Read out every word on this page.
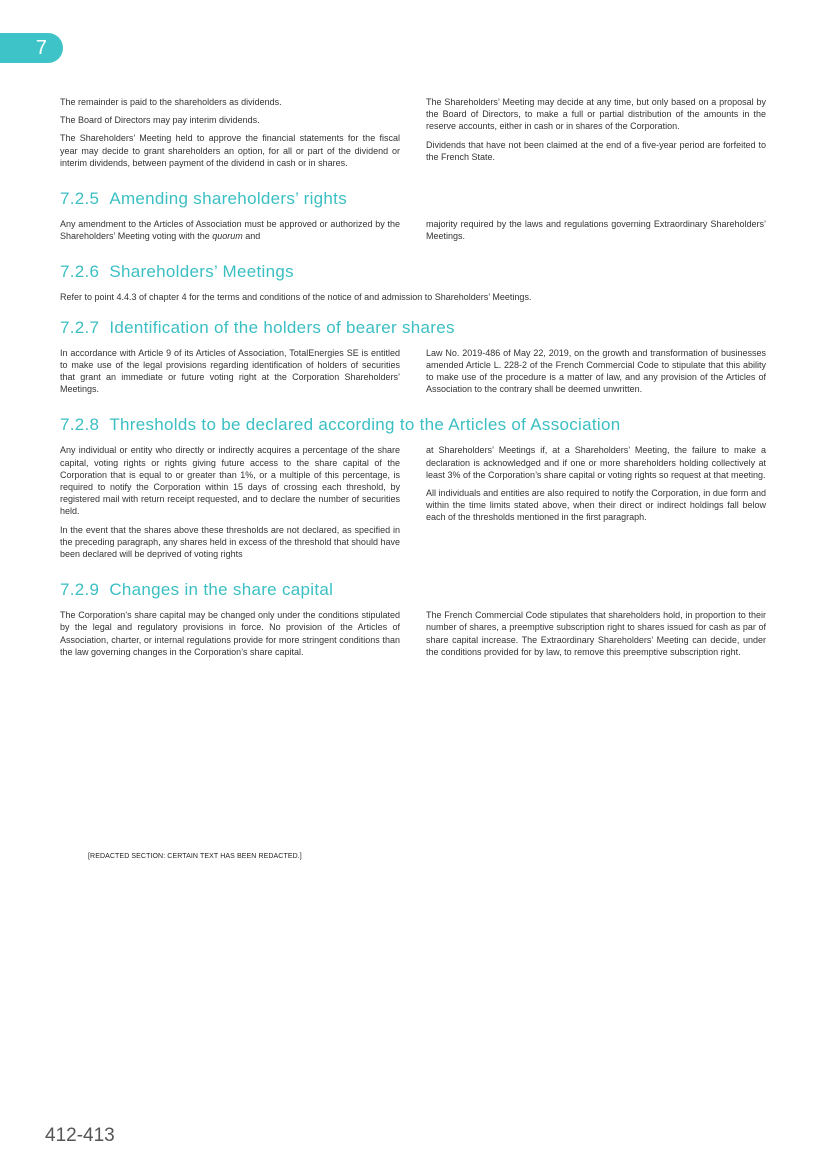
7

The remainder is paid to the shareholders as dividends.

The Board of Directors may pay interim dividends.

The Shareholders’ Meeting held to approve the financial statements for the fiscal year may decide to grant shareholders an option, for all or part of the dividend or interim dividends, between payment of the dividend in cash or in shares.

The Shareholders’ Meeting may decide at any time, but only based on a proposal by the Board of Directors, to make a full or partial distribution of the amounts in the reserve accounts, either in cash or in shares of the Corporation.

Dividends that have not been claimed at the end of a five-year period are forfeited to the French State.

7.2.5 Amending shareholders’ rights

Any amendment to the Articles of Association must be approved or authorized by the Shareholders’ Meeting voting with the quorum and

majority required by the laws and regulations governing Extraordinary Shareholders’ Meetings.

7.2.6 Shareholders’ Meetings

Refer to point 4.4.3 of chapter 4 for the terms and conditions of the notice of and admission to Shareholders’ Meetings.

7.2.7 Identification of the holders of bearer shares

In accordance with Article 9 of its Articles of Association, TotalEnergies SE is entitled to make use of the legal provisions regarding identification of holders of securities that grant an immediate or future voting right at the Corporation Shareholders’ Meetings.

Law No. 2019-486 of May 22, 2019, on the growth and transformation of businesses amended Article L. 228-2 of the French Commercial Code to stipulate that this ability to make use of the procedure is a matter of law, and any provision of the Articles of Association to the contrary shall be deemed unwritten.

7.2.8 Thresholds to be declared according to the Articles of Association

Any individual or entity who directly or indirectly acquires a percentage of the share capital, voting rights or rights giving future access to the share capital of the Corporation that is equal to or greater than 1%, or a multiple of this percentage, is required to notify the Corporation within 15 days of crossing each threshold, by registered mail with return receipt requested, and to declare the number of securities held.

In the event that the shares above these thresholds are not declared, as specified in the preceding paragraph, any shares held in excess of the threshold that should have been declared will be deprived of voting rights

at Shareholders’ Meetings if, at a Shareholders’ Meeting, the failure to make a declaration is acknowledged and if one or more shareholders holding collectively at least 3% of the Corporation’s share capital or voting rights so request at that meeting.

All individuals and entities are also required to notify the Corporation, in due form and within the time limits stated above, when their direct or indirect holdings fall below each of the thresholds mentioned in the first paragraph.

7.2.9 Changes in the share capital

The Corporation’s share capital may be changed only under the conditions stipulated by the legal and regulatory provisions in force. No provision of the Articles of Association, charter, or internal regulations provide for more stringent conditions than the law governing changes in the Corporation’s share capital.

The French Commercial Code stipulates that shareholders hold, in proportion to their number of shares, a preemptive subscription right to shares issued for cash as par of share capital increase. The Extraordinary Shareholders’ Meeting can decide, under the conditions provided for by law, to remove this preemptive subscription right.

[REDACTED SECTION: CERTAIN TEXT HAS BEEN REDACTED.]
412-413
